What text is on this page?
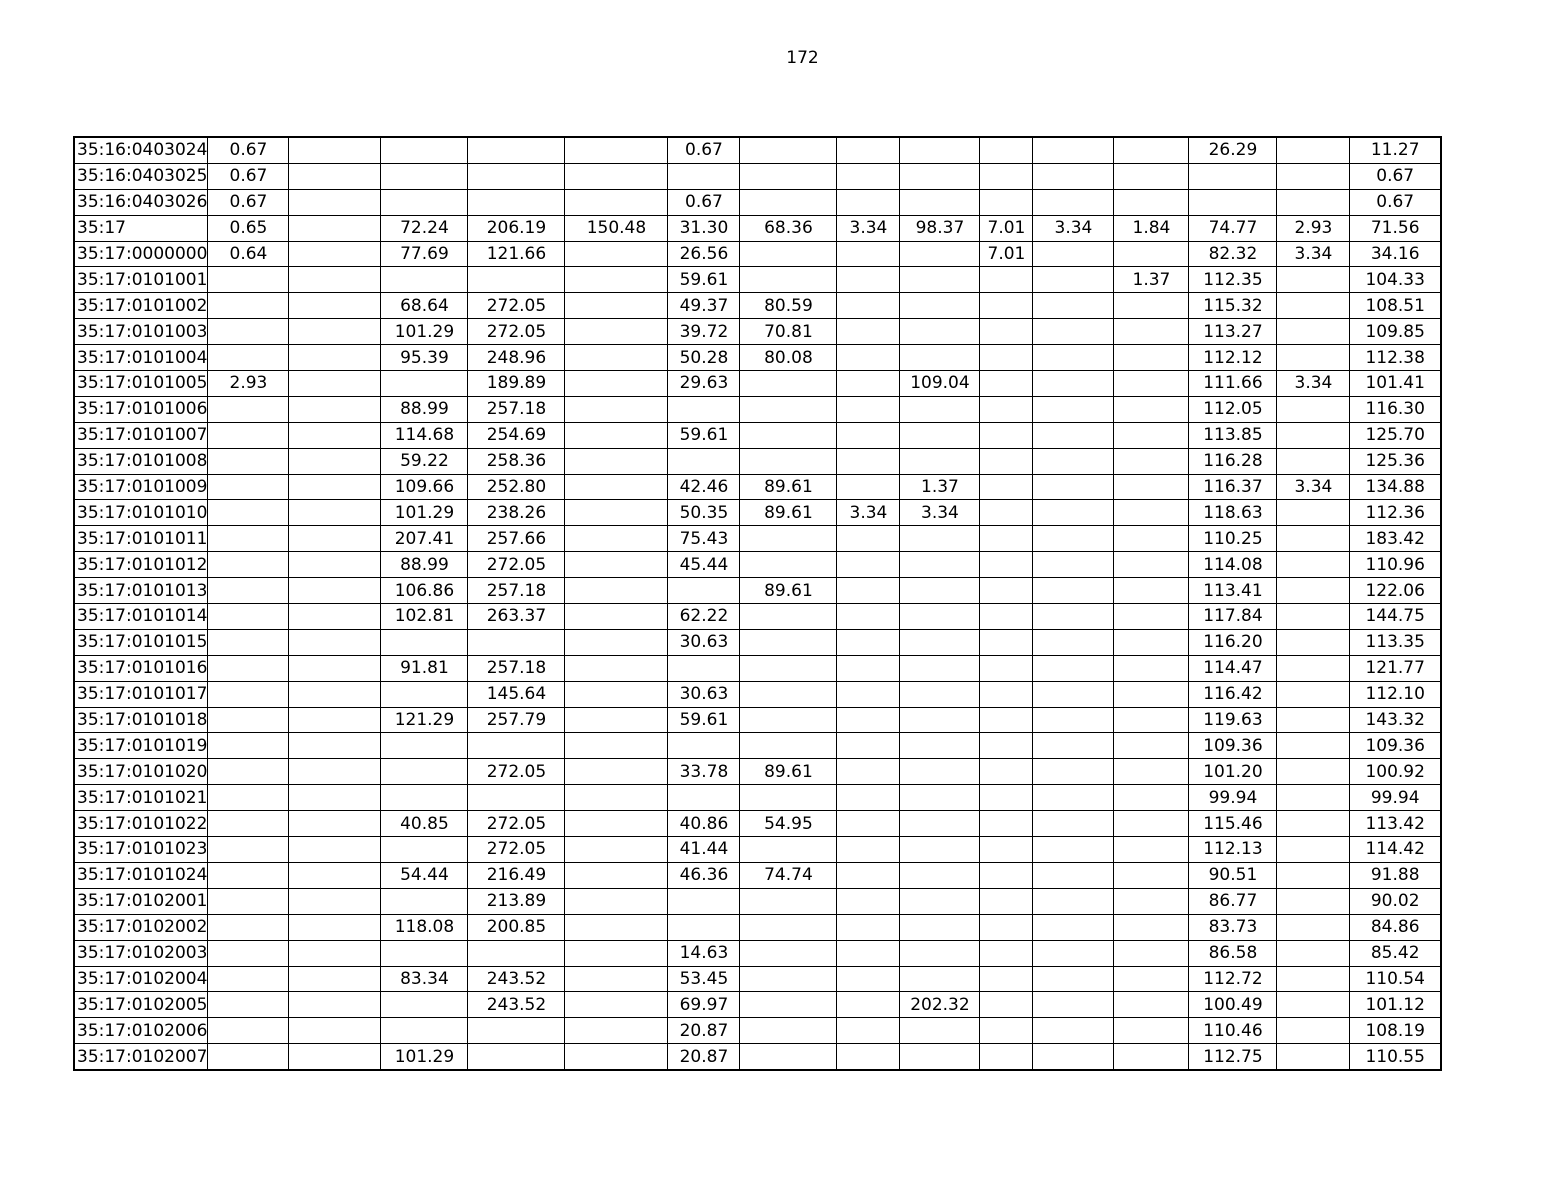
172
35:16:0403024	0.67					0.67							26.29		11.27
35:16:0403025	0.67														0.67
35:16:0403026	0.67					0.67									0.67
35:17	0.65		72.24	206.19	150.48	31.30	68.36	3.34	98.37	7.01	3.34	1.84	74.77	2.93	71.56
35:17:0000000	0.64		77.69	121.66		26.56				7.01			82.32	3.34	34.16
35:17:0101001						59.61						1.37	112.35		104.33
35:17:0101002			68.64	272.05		49.37	80.59						115.32		108.51
35:17:0101003			101.29	272.05		39.72	70.81						113.27		109.85
35:17:0101004			95.39	248.96		50.28	80.08						112.12		112.38
35:17:0101005	2.93			189.89		29.63			109.04				111.66	3.34	101.41
35:17:0101006			88.99	257.18									112.05		116.30
35:17:0101007			114.68	254.69		59.61							113.85		125.70
35:17:0101008			59.22	258.36									116.28		125.36
35:17:0101009			109.66	252.80		42.46	89.61		1.37				116.37	3.34	134.88
35:17:0101010			101.29	238.26		50.35	89.61	3.34	3.34				118.63		112.36
35:17:0101011			207.41	257.66		75.43							110.25		183.42
35:17:0101012			88.99	272.05		45.44							114.08		110.96
35:17:0101013			106.86	257.18			89.61						113.41		122.06
35:17:0101014			102.81	263.37		62.22							117.84		144.75
35:17:0101015						30.63							116.20		113.35
35:17:0101016			91.81	257.18									114.47		121.77
35:17:0101017				145.64		30.63							116.42		112.10
35:17:0101018			121.29	257.79		59.61							119.63		143.32
35:17:0101019													109.36		109.36
35:17:0101020				272.05		33.78	89.61						101.20		100.92
35:17:0101021													99.94		99.94
35:17:0101022			40.85	272.05		40.86	54.95						115.46		113.42
35:17:0101023				272.05		41.44							112.13		114.42
35:17:0101024			54.44	216.49		46.36	74.74						90.51		91.88
35:17:0102001				213.89									86.77		90.02
35:17:0102002			118.08	200.85									83.73		84.86
35:17:0102003						14.63							86.58		85.42
35:17:0102004			83.34	243.52		53.45							112.72		110.54
35:17:0102005				243.52		69.97			202.32				100.49		101.12
35:17:0102006						20.87							110.46		108.19
35:17:0102007			101.29			20.87							112.75		110.55
